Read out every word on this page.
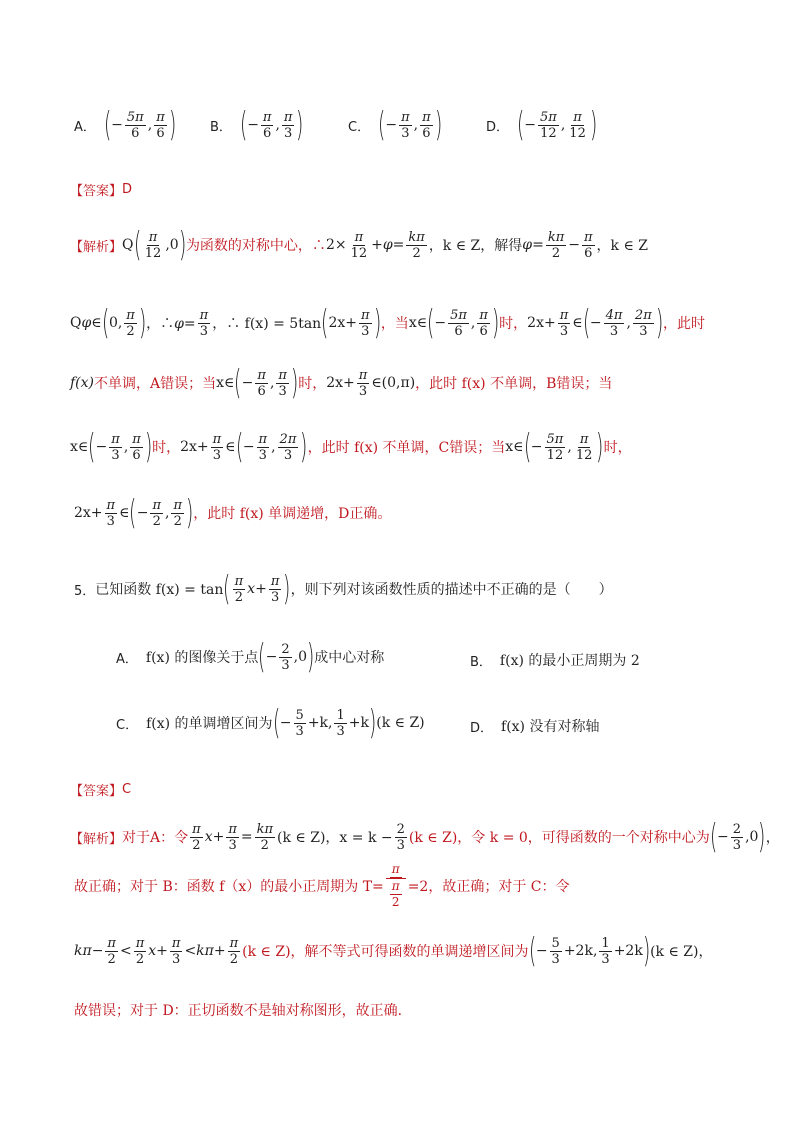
A． ( − $\frac{5\pi}{6}$ , $\frac{\pi}{6}$ )	B． ( − $\frac{\pi}{6}$ , $\frac{\pi}{3}$ )	C． ( − $\frac{\pi}{3}$ , $\frac{\pi}{6}$ )	D． ( − $\frac{5\pi}{12}$ , $\frac{\pi}{12}$ )
【答案】 D
【解析】 Q ( $\frac{\pi}{12} ,0$ ) 为函数的对称中心，∴ $2\times \frac{\pi}{12} +\varphi= \frac{k\pi}{2}$ ，k ∈ Z，解得 $\varphi= \frac{k\pi}{2} - \frac{\pi}{6}$ ，k ∈ Z
Qφ∈ ( 0, $\frac{\pi}{2}$ ) ，∴φ= $\frac{\pi}{3}$ ，∴ f(x) = 5tan ( $2x+ \frac{\pi}{3}$ ) ，当 x∈ ( − $\frac{5\pi}{6}$ , $\frac{\pi}{6}$ ) 时， $2x+ \frac{\pi}{3}$ ∈ ( − $\frac{4\pi}{3}$ , $\frac{2\pi}{3}$ ) ，此时
f(x) 不单调，A错误；当 x∈ ( − $\frac{\pi}{6}$ , $\frac{\pi}{3}$ ) 时， $2x+ \frac{\pi}{3}$ ∈(0,π) ，此时 f(x) 不单调，B错误；当
x∈ ( − $\frac{\pi}{3}$ , $\frac{\pi}{6}$ ) 时， $2x+ \frac{\pi}{3}$ ∈ ( − $\frac{\pi}{3}$ , $\frac{2\pi}{3}$ ) ，此时 f(x) 不单调，C错误；当 x∈ ( − $\frac{5\pi}{12}$ , $\frac{\pi}{12}$ ) 时，
$2x+ \frac{\pi}{3}$ ∈ ( − $\frac{\pi}{2}$ , $\frac{\pi}{2}$ ) ，此时 f(x) 单调递增，D正确。
5． 已知函数 f(x) = tan ( $\frac{\pi}{2} x+ \frac{\pi}{3}$ ) ，则下列对该函数性质的描述中不正确的是（　　）
A． f(x) 的图像关于点 ( − $\frac{2}{3} ,0$ ) 成中心对称	B． f(x) 的最小正周期为 2
C． f(x) 的单调增区间为 ( − $\frac{5}{3} +k$, $\frac{1}{3} +k$ ) (k ∈ Z)	D． f(x) 没有对称轴
【答案】 C
【解析】 对于A：令 $\frac{\pi}{2} x+ \frac{\pi}{3} = \frac{k\pi}{2} (k$ ∈ Z)，$x = k - \frac{2}{3} (k$ ∈ Z)，令 k = 0，可得函数的一个对称中心为 ( − $\frac{2}{3} ,0$ ) ，
故正确；对于 B：函数 f（x）的最小正周期为 $T= \frac{\pi}{\frac{\pi}{2}} =2$，故正确；对于 C：令
$k\pi - \frac{\pi}{2} < \frac{\pi}{2} x+ \frac{\pi}{3} <k\pi+ \frac{\pi}{2} (k$ ∈ Z)，解不等式可得函数的单调递增区间为 ( − $\frac{5}{3} +2k$, $\frac{1}{3} +2k$ ) (k ∈ Z)，
故错误；对于 D：正切函数不是轴对称图形，故正确．
